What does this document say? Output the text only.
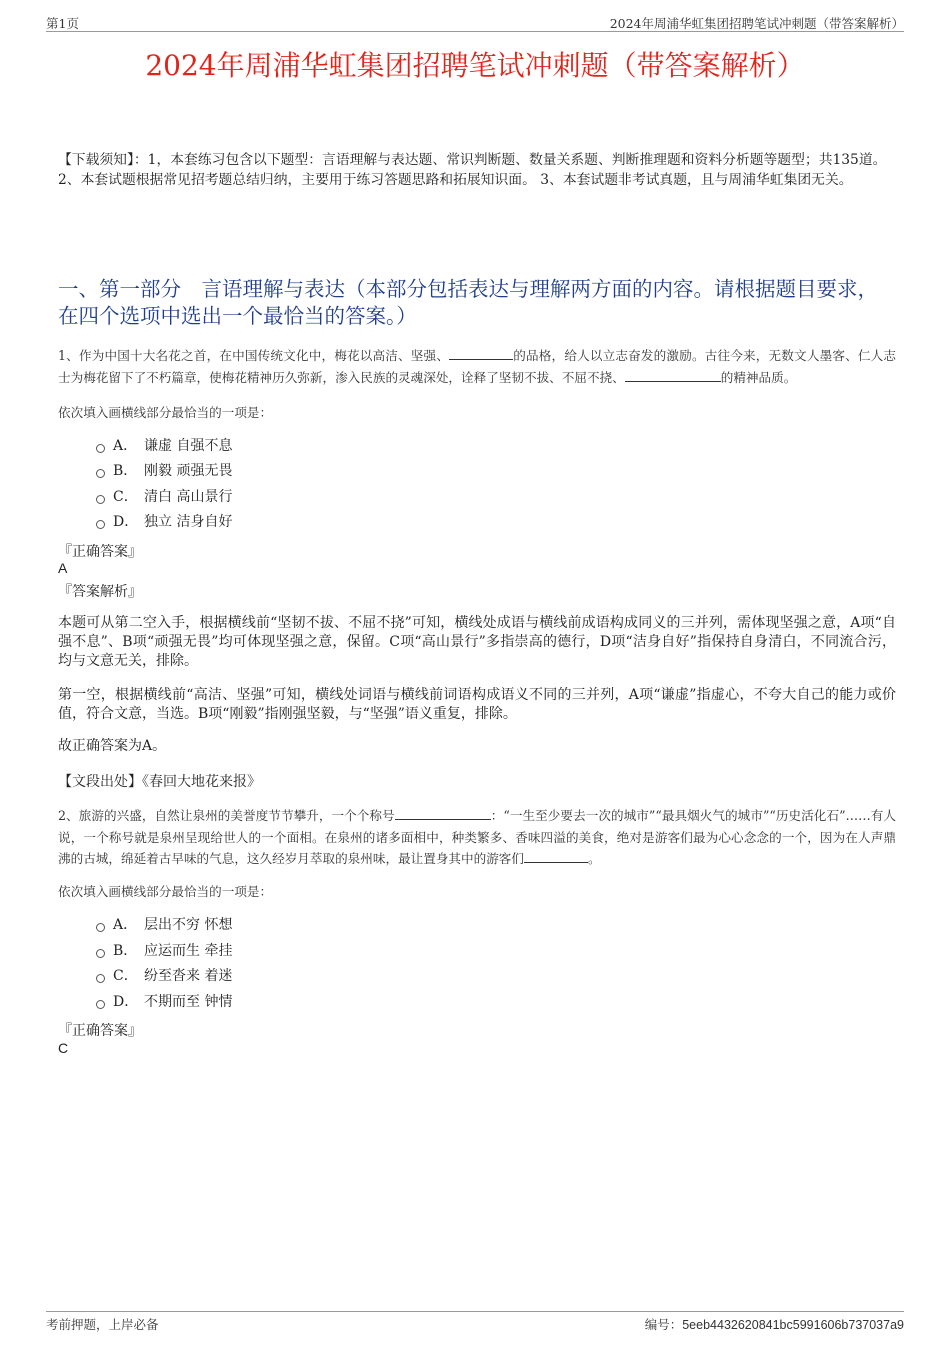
第1页	2024年周浦华虹集团招聘笔试冲刺题（带答案解析）
2024年周浦华虹集团招聘笔试冲刺题（带答案解析）
【下载须知】：1，本套练习包含以下题型：言语理解与表达题、常识判断题、数量关系题、判断推理题和资料分析题等题型；共135道。 2、本套试题根据常见招考题总结归纳，主要用于练习答题思路和拓展知识面。 3、本套试题非考试真题，且与周浦华虹集团无关。
一、第一部分　言语理解与表达（本部分包括表达与理解两方面的内容。请根据题目要求，在四个选项中选出一个最恰当的答案。）
1、作为中国十大名花之首，在中国传统文化中，梅花以高洁、坚强、	的品格，给人以立志奋发的激励。古往今来，无数文人墨客、仁人志士为梅花留下了不朽篇章，使梅花精神历久弥新，渗入民族的灵魂深处，诠释了坚韧不拔、不屈不挠、	的精神品质。
依次填入画横线部分最恰当的一项是：
A． 谦虚 自强不息
B． 刚毅 顽强无畏
C． 清白 高山景行
D． 独立 洁身自好
『正确答案』
A
『答案解析』
本题可从第二空入手，根据横线前“坚韧不拔、不屈不挠”可知，横线处成语与横线前成语构成同义的三并列，需体现坚强之意，A项“自强不息”、B项“顽强无畏”均可体现坚强之意，保留。C项“高山景行”多指崇高的德行，D项“洁身自好”指保持自身清白，不同流合污，均与文意无关，排除。
第一空，根据横线前“高洁、坚强”可知，横线处词语与横线前词语构成语义不同的三并列，A项“谦虚”指虚心，不夸大自己的能力或价值，符合文意，当选。B项“刚毅”指刚强坚毅，与“坚强”语义重复，排除。
故正确答案为A。
【文段出处】《春回大地花来报》
2、旅游的兴盛，自然让泉州的美誉度节节攀升，一个个称号	：“一生至少要去一次的城市”“最具烟火气的城市”“历史活化石”……有人说，一个称号就是泉州呈现给世人的一个面相。在泉州的诸多面相中，种类繁多、香味四溢的美食，绝对是游客们最为心心念念的一个，因为在人声鼎沸的古城，绵延着古早味的气息，这久经岁月萃取的泉州味，最让置身其中的游客们	。
依次填入画横线部分最恰当的一项是：
A． 层出不穷 怀想
B． 应运而生 牵挂
C． 纷至沓来 着迷
D． 不期而至 钟情
『正确答案』
C
考前押题，上岸必备	编号：5eeb4432620841bc5991606b737037a9
